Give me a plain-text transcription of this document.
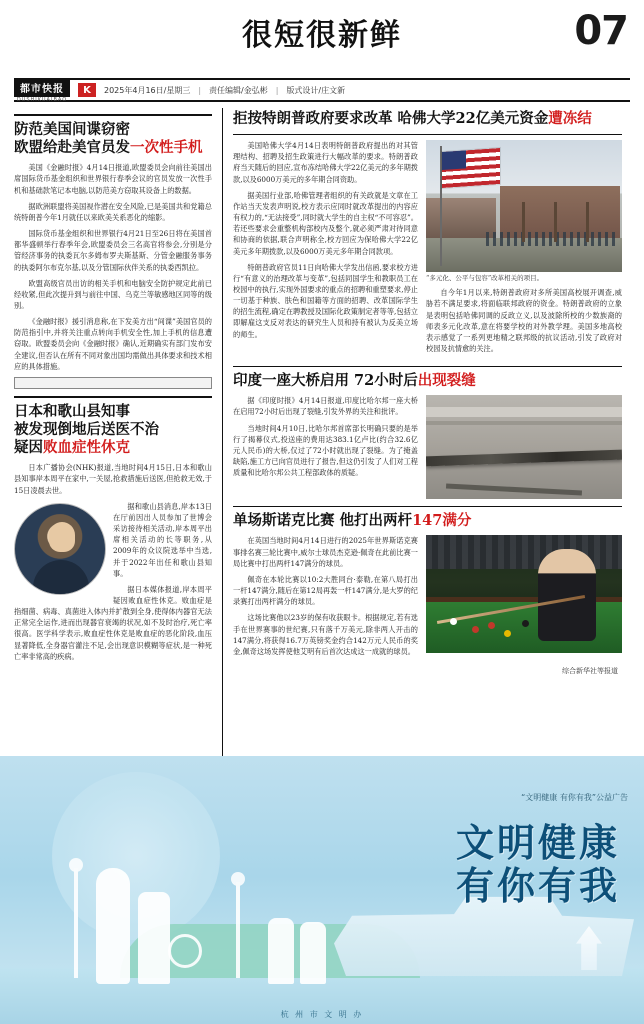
很短很新鲜	07
都市快报
DUSHIKUAIBAO
K	2025年4月16日/星期三 | 责任编辑/金弘彬 | 版式设计/庄文新
防范美国间谍窃密
欧盟给赴美官员发一次性手机

美国《金融时报》4月14日报道,欧盟委员会向前往美国出席国际货币基金组织和世界银行春季会议的官员发放一次性手机和基础款笔记本电脑,以防范美方窃取其设备上的数据。

据欧洲联盟将美国视作潜在安全风险,已是美国共和党籍总统特朗普今年1月就任以来欧美关系恶化的缩影。

国际货币基金组织和世界银行4月21日至26日将在美国首都华盛顿举行春季年会,欧盟委员会三名高官将参会,分别是分管经济事务的执委瓦尔多姆布罗夫斯基斯、分管金融服务事务的执委阿尔布克尔基,以及分管国际伙伴关系的执委西凯拉。

欧盟高级官员出访的相关手机和电脑安全防护规定此前已经收紧,但此次提升到与前往中国、乌克兰等敏感地区同等的级别。

《金融时报》援引消息称,在下发美方出“间谍”美国官员的防范指引中,并将关注重点转向手机安全性,加上手机的信息遭窃取。欧盟委员会向《金融时报》确认,近期确实有部门发布安全建议,但否认在所有不同对象出国均需做出具体要求和技术相应的具体措施。

日本和歌山县知事
被发现倒地后送医不治
疑因败血症性休克

日本广播协会(NHK)报道,当地时间4月15日,日本和歌山县知事岸本周平在家中,一关屋,抢救措施后送医,但抢救无效,于15日凌晨去世。

据和歌山县消息,岸本13日在厅前因出人员参加了世博会采访接待相关活动,岸本周平出席相关活动的长等职务,从2009年的众议院选举中当选,并于2022年出任和歌山县知事。

据日本媒体报道,岸本周平疑因败血症性休克。败血症是指细菌、病毒、真菌进入体内并扩散到全身,使得体内器官无法正常完全运作,进而出现器官衰竭的状况,如不及时治疗,死亡率很高。医学科学表示,败血症性休克是败血症的恶化阶段,血压显著降低,全身器官灌注不足,会出现意识模糊等症状,是一种死亡率非常高的疾病。

拒按特朗普政府要求改革 哈佛大学22亿美元资金遭冻结

美国哈佛大学4月14日表明特朗普政府提出的对其管理结构、招聘及招生政策进行大幅改革的要求。特朗普政府当天随后的回应,宣布冻结哈佛大学22亿美元的多年期拨款,以及6000万美元的多年期合同资助。

据美国行业部,哈佛管理者组织的有关政就是文章在工作站当天发表声明说,校方表示应同时就改革提出的内容应有权力的,“无法接受”,同时就大学生的自主权“不可容忍”。若还些要求会重整机构部校内及整个,就必须严肃对待同意和协商的依据,联合声明称全,校方回应为保哈佛大学22亿美元多年期拨款,以及6000万美元多年期合同款项。

特朗普政府官员11日向哈佛大学发出信函,要求校方进行“有意义的治理改革与变革”,包括同国学生和教职员工在校园中的执行,实现外国要求的重点的招聘和重塑要求,停止一切基于种族、肤色和国籍等方面的招聘、改革国际学生的招生流程,确定在聘教授及国际化政策制定者等等,包括立即解雇这支反对表达的研究生人员和持有被认为反美立场的师生。

“多元化、公平与包容”改革相关的项目。

自今年1月以来,特朗普政府对多所美国高校展开调查,威胁若不满足要求,将面临联邦政府的资金。特朗普政府的立象是表明包括哈佛同调的反政立义,以及波除所校的少数族裔的师表多元化改革,意在将要学校的对外教学理。美国多地高校表示感觉了一系列更地精之联邦级的抗议活动,引发了政府对校园及抗情愈的关注。

印度一座大桥启用 72小时后出现裂缝

据《印度时报》4月14日报道,印度比哈尔邦一座大桥在启用72小时后出现了裂缝,引发外界的关注和批评。

当地时间4月10日,比哈尔邦首席部长明确只要的是举行了揭幕仪式,投送座的费用达383.1亿卢比(约合32.6亿元人民币)的大桥,仅过了72小时就出现了裂缝。为了掩盖缺陷,施工方已向官员进行了报告,但这仍引发了人们对工程质量和比哈尔邦公共工程部政体的质疑。

单场斯诺克比赛 他打出两杆147满分

在英国当地时间4月14日进行的2025年世界斯诺克赛事排名赛三轮比赛中,威尔士球员杰克逊·佩奇在此前比赛一局比赛中打出两杆147满分的球员。

佩奇在本轮比赛以10:2大胜同台·泰勒,在第八局打出一杆147满分,随后在第12局再轰一杆147满分,是大罗的纪录赛打出两杆满分的球员。

这场比赛他以23岁的保有收获眼卡。根据规定,若有选手在世界赛事的世纪赛,只有落千万美元,除非两人开击的147满分,将获得16.7万英镑奖金约合142万元人民币的奖金,佩奇这场发挥使他艾明有后首次达成这一成就的球员。

综合新华社等报道
“文明健康 有你有我”公益广告
文明健康
有你有我
杭 州 市 文 明 办
